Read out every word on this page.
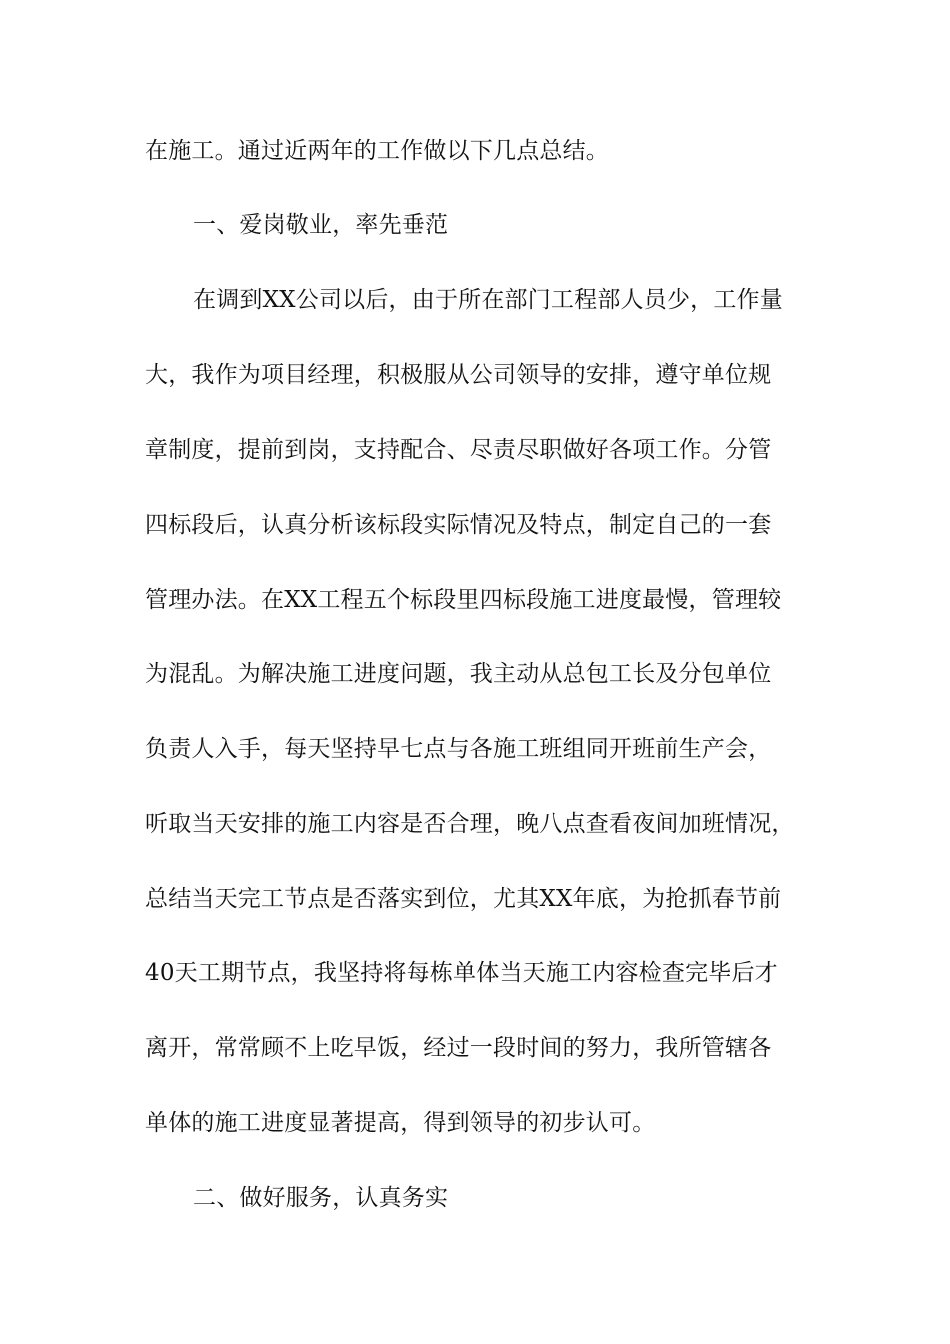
在施工。通过近两年的工作做以下几点总结。
一、爱岗敬业，率先垂范
在调到XX公司以后，由于所在部门工程部人员少，工作量
大，我作为项目经理，积极服从公司领导的安排，遵守单位规
章制度，提前到岗，支持配合、尽责尽职做好各项工作。分管
四标段后，认真分析该标段实际情况及特点，制定自己的一套
管理办法。在XX工程五个标段里四标段施工进度最慢，管理较
为混乱。为解决施工进度问题，我主动从总包工长及分包单位
负责人入手，每天坚持早七点与各施工班组同开班前生产会，
听取当天安排的施工内容是否合理，晚八点查看夜间加班情况，
总结当天完工节点是否落实到位，尤其XX年底，为抢抓春节前
40天工期节点，我坚持将每栋单体当天施工内容检查完毕后才
离开，常常顾不上吃早饭，经过一段时间的努力，我所管辖各
单体的施工进度显著提高，得到领导的初步认可。
二、做好服务，认真务实
